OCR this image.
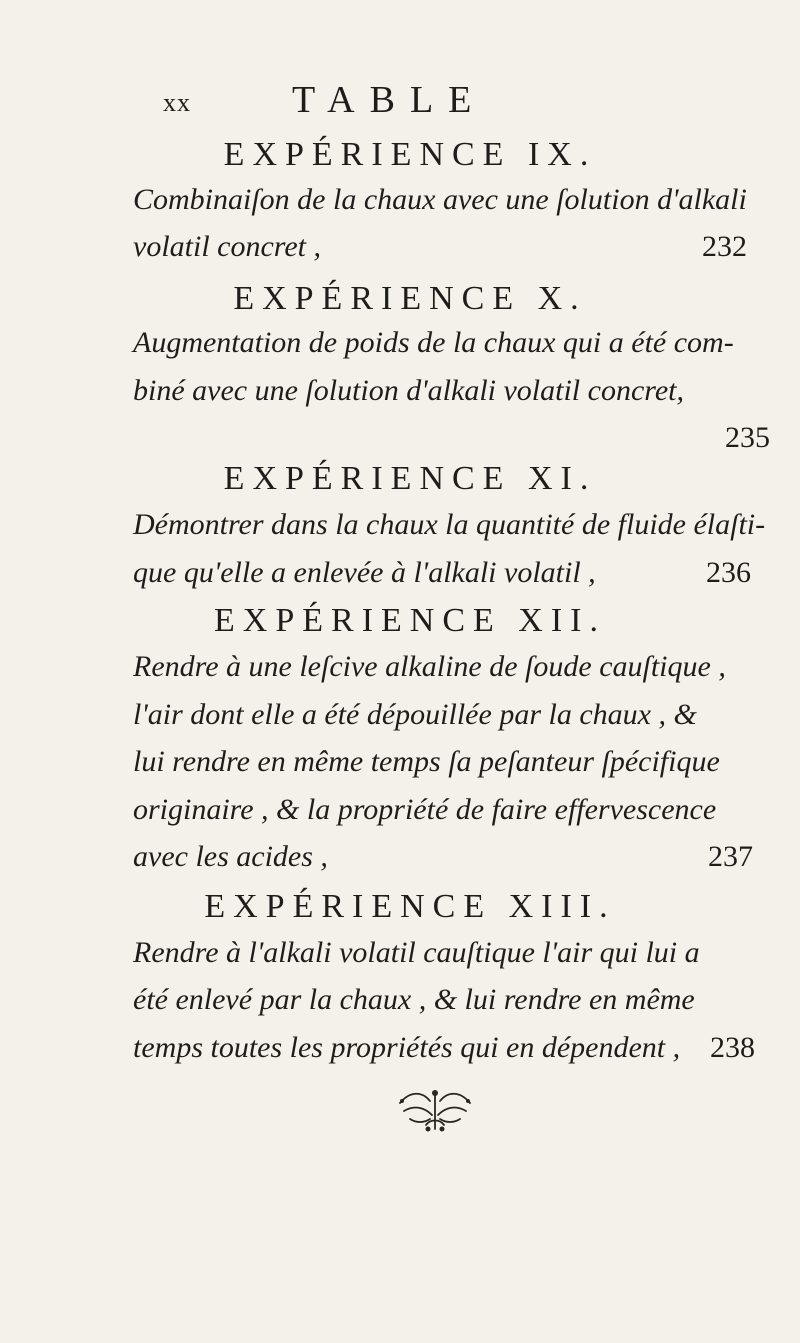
xx	TABLE
EXPÉRIENCE IX.
Combinaiſon de la chaux avec une ſolution d'alkali
volatil concret ,	232
EXPÉRIENCE X.
Augmentation de poids de la chaux qui a été com-
biné avec une ſolution d'alkali volatil concret,
235
EXPÉRIENCE XI.
Démontrer dans la chaux la quantité de fluide élaſti-
que qu'elle a enlevée à l'alkali volatil ,	236
EXPÉRIENCE XII.
Rendre à une leſcive alkaline de ſoude cauſtique ,
l'air dont elle a été dépouillée par la chaux , &
lui rendre en même temps ſa peſanteur ſpécifique
originaire , & la propriété de faire effervescence
avec les acides ,	237
EXPÉRIENCE XIII.
Rendre à l'alkali volatil cauſtique l'air qui lui a
été enlevé par la chaux , & lui rendre en même
temps toutes les propriétés qui en dépendent , 238
